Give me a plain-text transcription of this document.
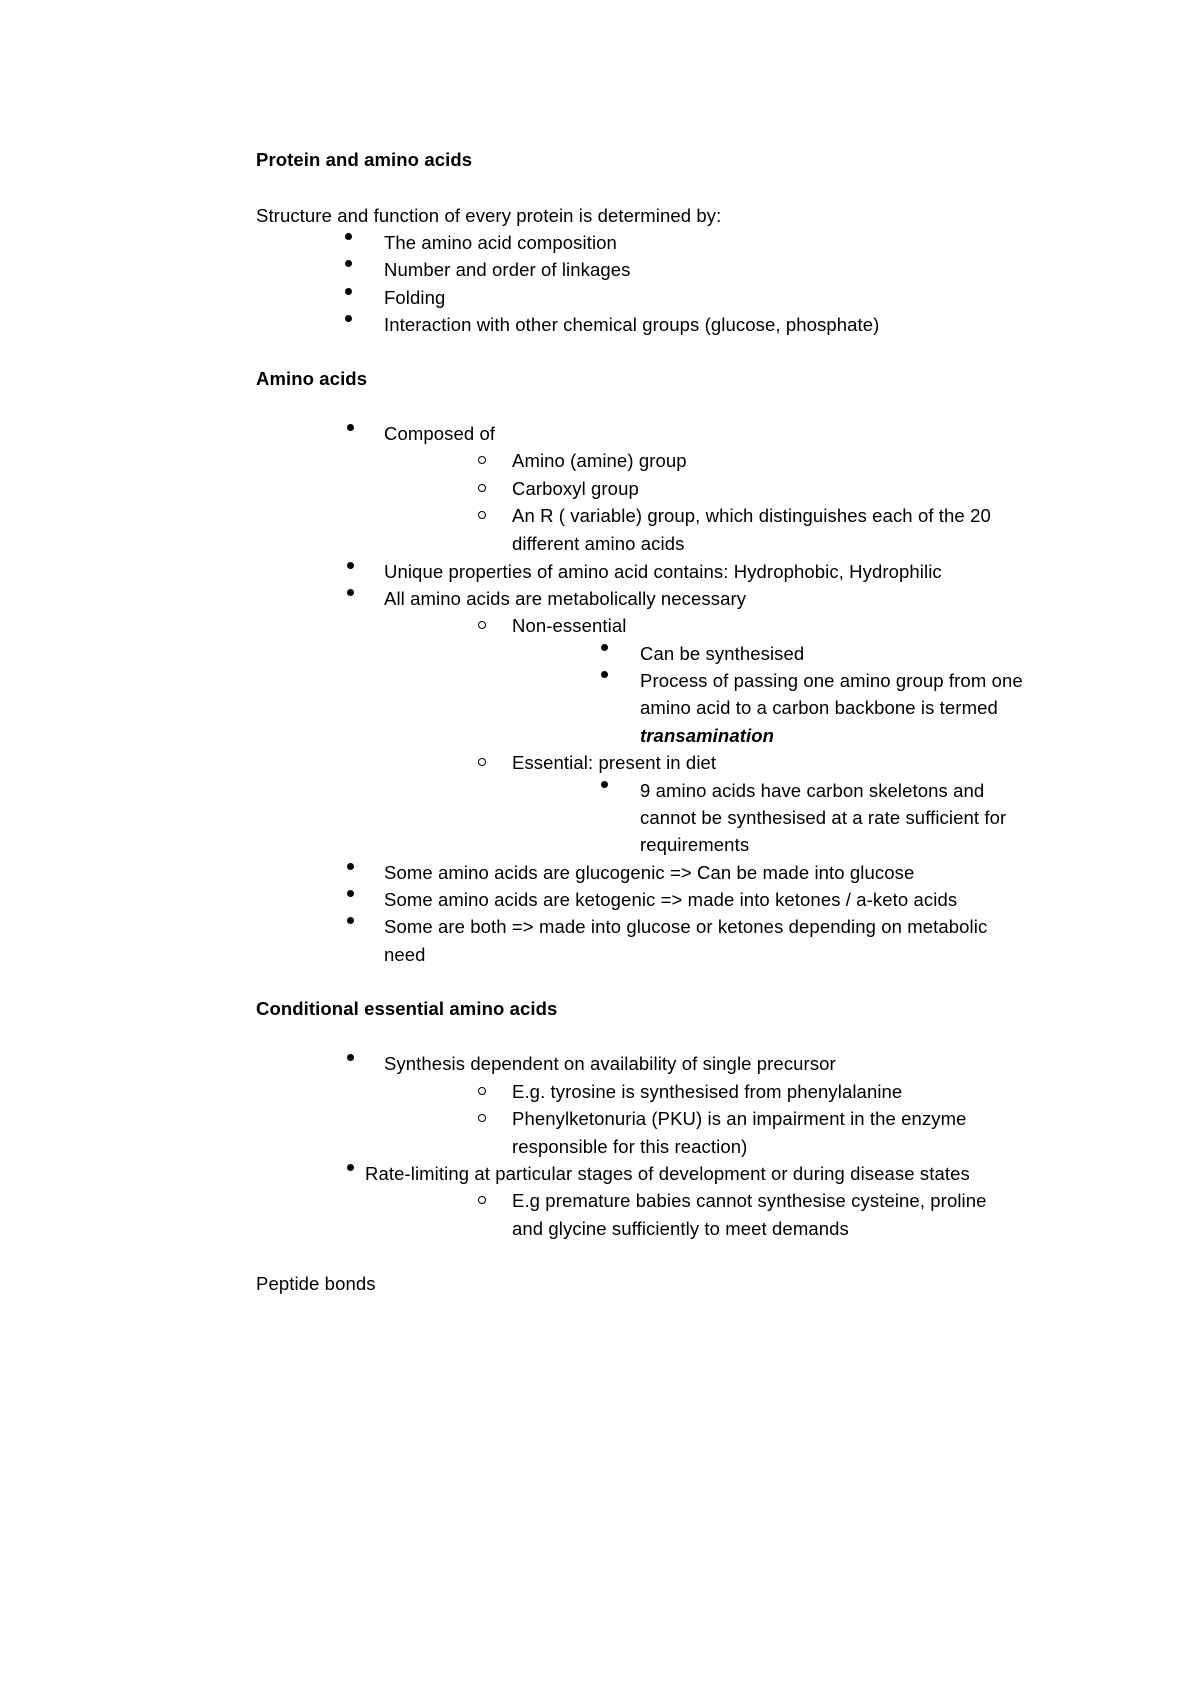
Protein and amino acids
Structure and function of every protein is determined by:
The amino acid composition
Number and order of linkages
Folding
Interaction with other chemical groups (glucose, phosphate)
Amino acids
Composed of
Amino (amine) group
Carboxyl group
An R ( variable) group, which distinguishes each of the 20
different amino acids
Unique properties of amino acid contains: Hydrophobic, Hydrophilic
All amino acids are metabolically necessary
Non-essential
Can be synthesised
Process of passing one amino group from one
amino acid to a carbon backbone is termed
transamination
Essential: present in diet
9 amino acids have carbon skeletons and
cannot be synthesised at a rate sufficient for
requirements
Some amino acids are glucogenic => Can be made into glucose
Some amino acids are ketogenic => made into ketones / a-keto acids
Some are both => made into glucose or ketones depending on metabolic
need
Conditional essential amino acids
Synthesis dependent on availability of single precursor
E.g. tyrosine is synthesised from phenylalanine
Phenylketonuria (PKU) is an impairment in the enzyme
responsible for this reaction)
Rate-limiting at particular stages of development or during disease states
E.g premature babies cannot synthesise cysteine, proline
and glycine sufficiently to meet demands
Peptide bonds
